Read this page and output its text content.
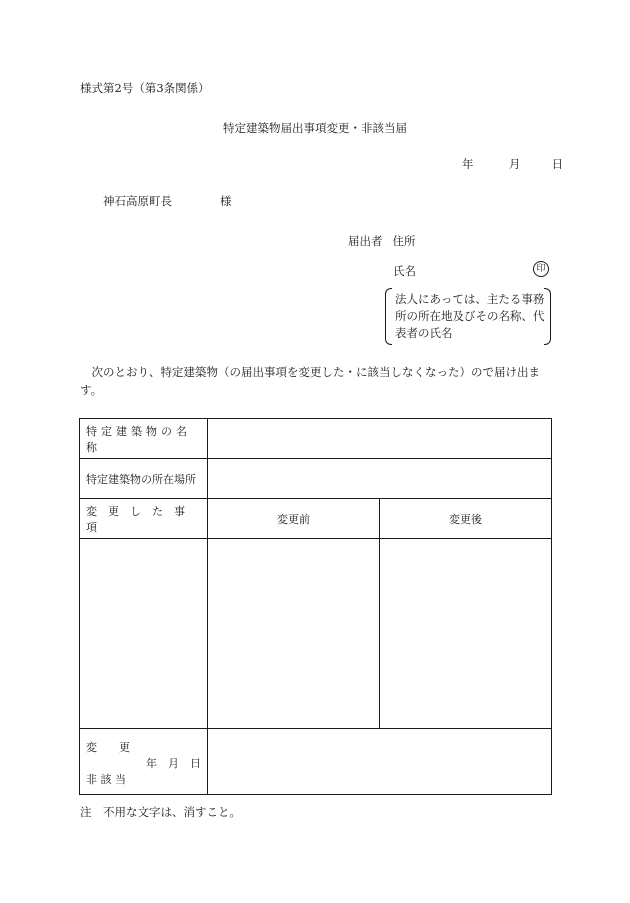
様式第2号（第3条関係）
特定建築物届出事項変更・非該当届
年	月	日
神石高原町長	様
届出者 住所
氏名	印
法人にあっては、主たる事務所の所在地及びその名称、代表者の氏名
次のとおり、特定建築物（の届出事項を変更した・に該当しなくなった）ので届け出ます。
特定建築物の名称		
特定建築物の所在場所		
変更した事項	変更前	変更後

変　　更
年　月　日
非 該 当		

注　不用な文字は、消すこと。
